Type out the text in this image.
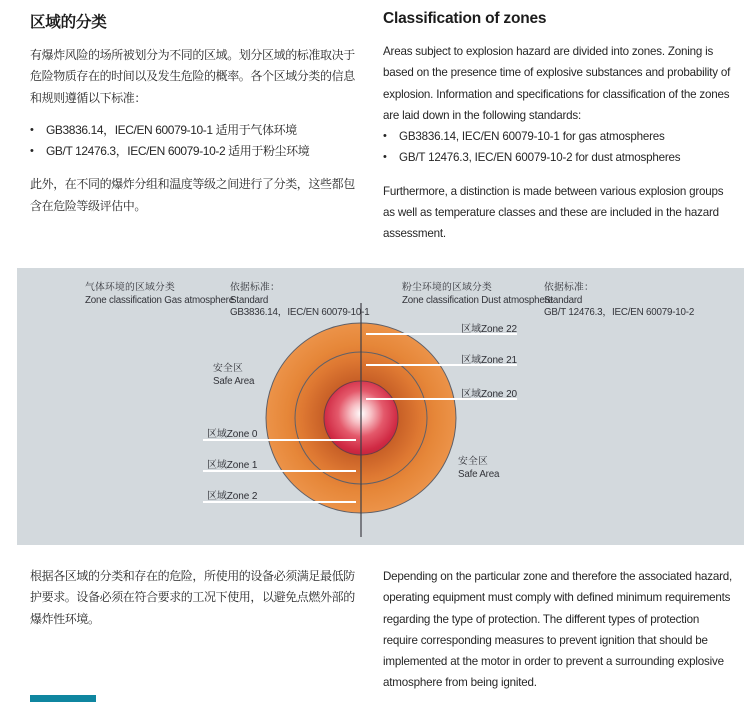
区域的分类

有爆炸风险的场所被划分为不同的区域。划分区域的标准取决于危险物质存在的时间以及发生危险的概率。各个区域分类的信息和规则遵循以下标准：

• GB3836.14，IEC/EN 60079-10-1 适用于气体环境
• GB/T 12476.3，IEC/EN 60079-10-2 适用于粉尘环境

此外，在不同的爆炸分组和温度等级之间进行了分类，这些都包含在危险等级评估中。

Classification of zones

Areas subject to explosion hazard are divided into zones. Zoning is based on the presence time of explosive substances and probability of explosion. Information and specifications for classification of the zones are laid down in the following standards:

• GB3836.14, IEC/EN 60079-10-1 for gas atmospheres
• GB/T 12476.3, IEC/EN 60079-10-2 for dust atmospheres

Furthermore, a distinction is made between various explosion groups as well as temperature classes and these are included in the hazard assessment.

气体环境的区域分类
Zone classification Gas atmosphere
依据标准：
Standard
GB3836.14，IEC/EN 60079-10-1
粉尘环境的区域分类
Zone classification Dust atmosphere
依据标准：
Standard
GB/T 12476.3，IEC/EN 60079-10-2
安全区
Safe Area
安全区
Safe Area
区域Zone 0
区域Zone 1
区域Zone 2
区域Zone 22
区域Zone 21
区域Zone 20

根据各区域的分类和存在的危险，所使用的设备必须满足最低防护要求。设备必须在符合要求的工况下使用，以避免点燃外部的爆炸性环境。

Depending on the particular zone and therefore the associated hazard, operating equipment must comply with defined minimum requirements regarding the type of protection. The different types of protection require corresponding measures to prevent ignition that should be implemented at the motor in order to prevent a surrounding explosive atmosphere from being ignited.
